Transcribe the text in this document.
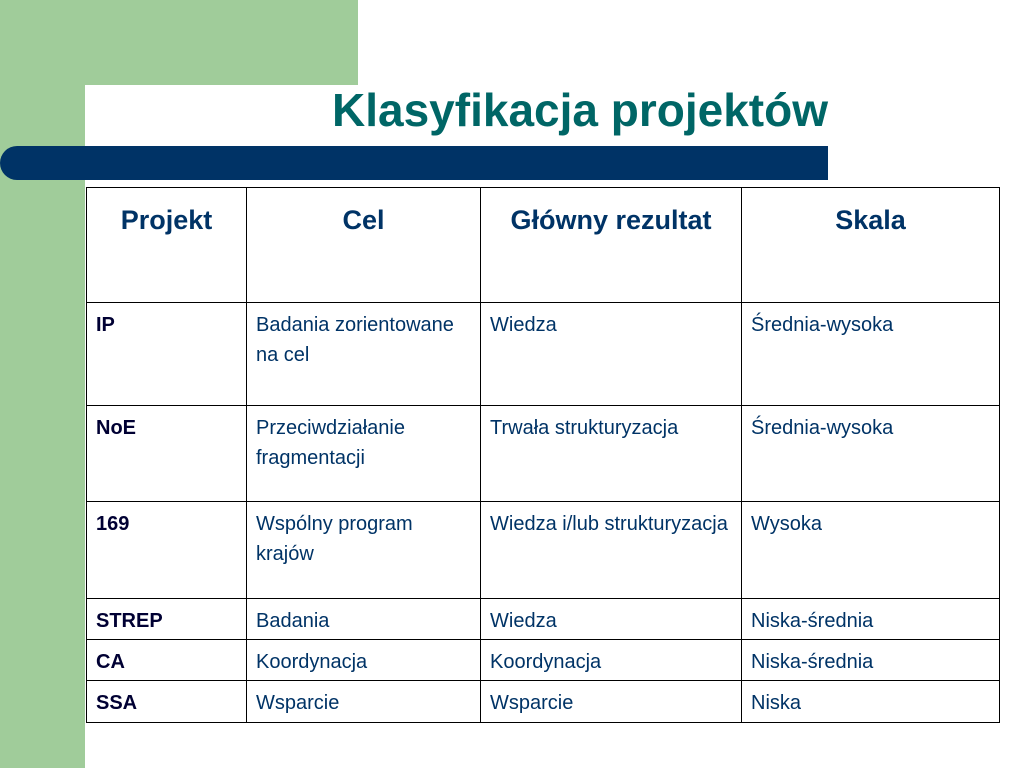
Klasyfikacja projektów
Projekt	Cel	Główny rezultat	Skala
IP	Badania zorientowane na cel	Wiedza	Średnia-wysoka
NoE	Przeciwdziałanie fragmentacji	Trwała strukturyzacja	Średnia-wysoka
169	Wspólny program krajów	Wiedza i/lub strukturyzacja	Wysoka
STREP	Badania	Wiedza	Niska-średnia
CA	Koordynacja	Koordynacja	Niska-średnia
SSA	Wsparcie	Wsparcie	Niska
